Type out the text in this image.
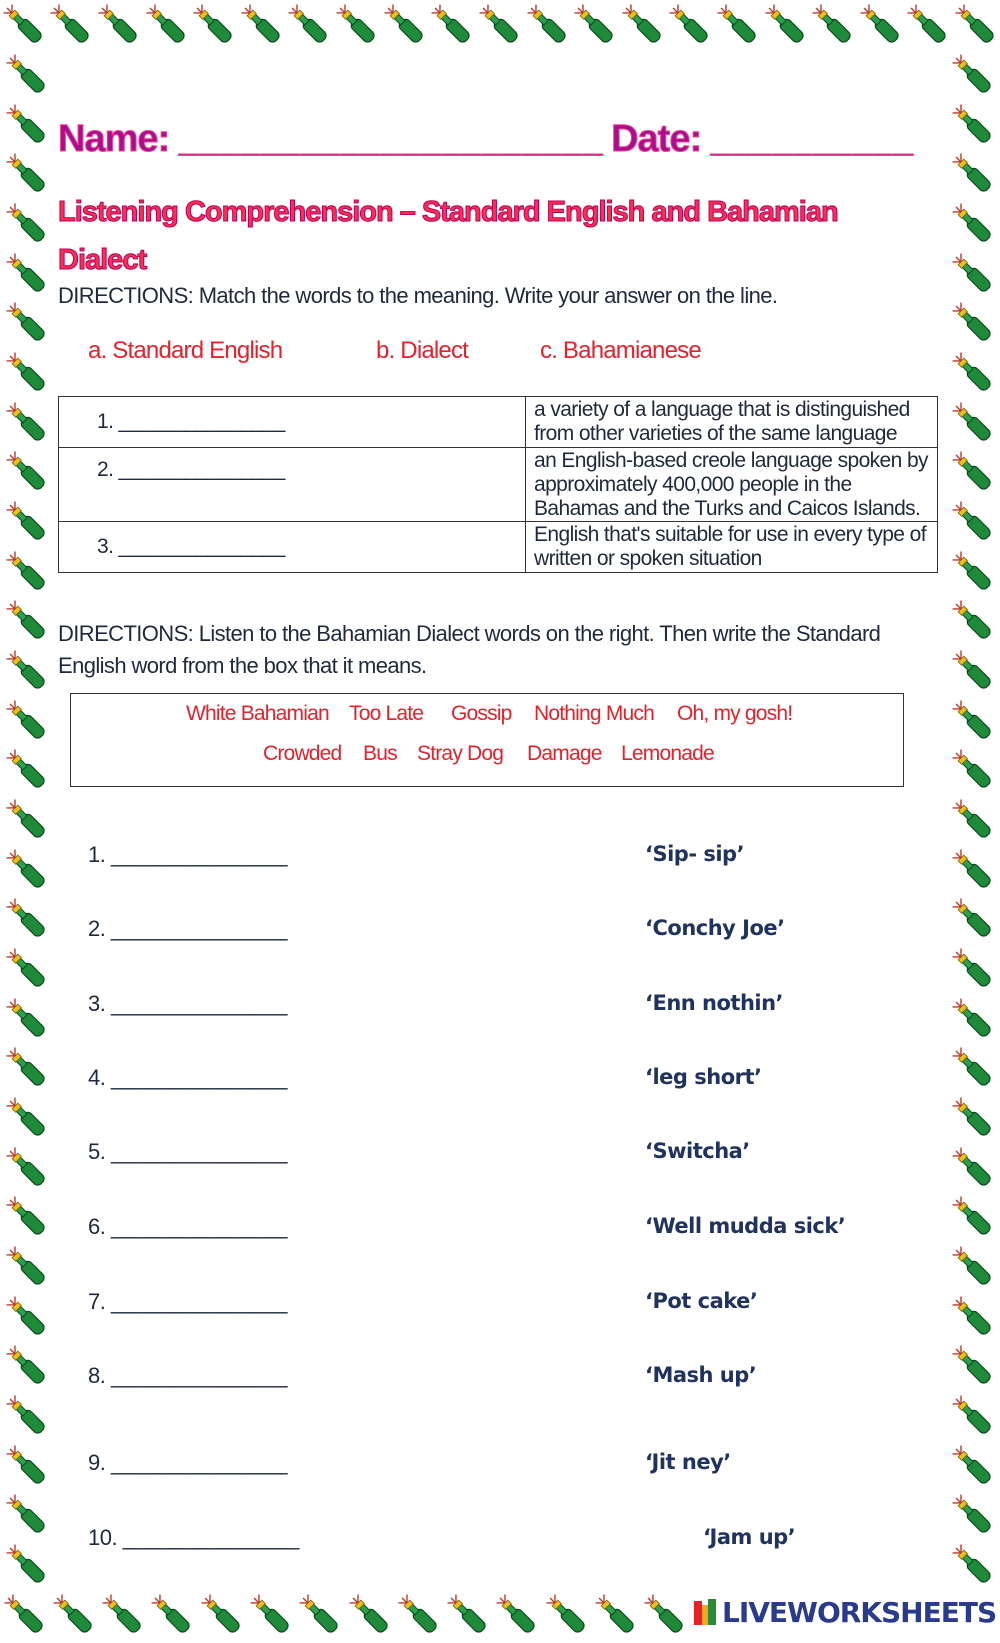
Name: _____________________ Date: __________
Listening Comprehension – Standard English and Bahamian Dialect
DIRECTIONS: Match the words to the meaning. Write your answer on the line.
a. Standard English	b. Dialect	c. Bahamianese
1. _______________	a variety of a language that is distinguished from other varieties of the same language
2. _______________	an English-based creole language spoken by approximately 400,000 people in the Bahamas and the Turks and Caicos Islands.
3. _______________	English that's suitable for use in every type of written or spoken situation
DIRECTIONS: Listen to the Bahamian Dialect words on the right. Then write the Standard English word from the box that it means.
White Bahamian Too Late Gossip Nothing Much Oh, my gosh!
Crowded Bus Stray Dog Damage Lemonade
1. _______________	‘Sip- sip’
2. _______________	‘Conchy Joe’
3. _______________	‘Enn nothin’
4. _______________	‘leg short’
5. _______________	‘Switcha’
6. _______________	‘Well mudda sick’
7. _______________	‘Pot cake’
8. _______________	‘Mash up’
9. _______________	‘Jit ney’
10. _______________	‘Jam up’
LIVEWORKSHEETS
